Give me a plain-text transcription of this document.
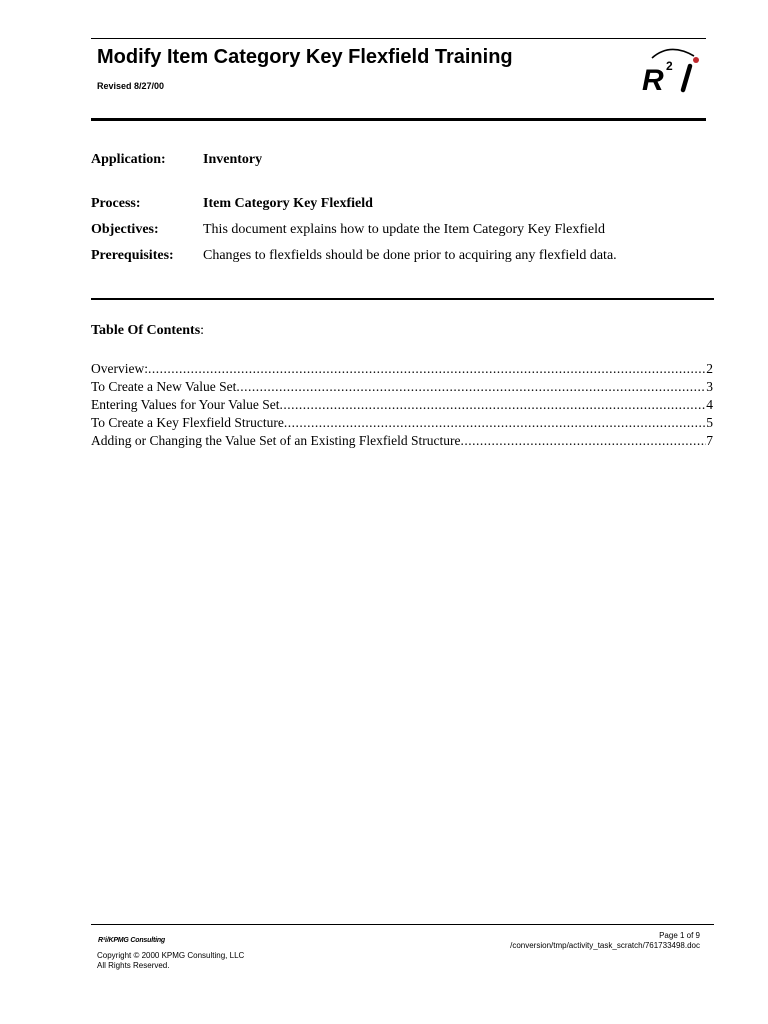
Modify Item Category Key Flexfield Training
Revised 8/27/00	R 2
Application:	Inventory
Process:	Item Category Key Flexfield
Objectives:	This document explains how to update the Item Category Key Flexfield
Prerequisites: Changes to flexfields should be done prior to acquiring any flexfield data.
Table Of Contents:
Overview: .....	2
To Create a New Value Set .....	3
Entering Values for Your Value Set .....	4
To Create a Key Flexfield Structure .....	5
Adding or Changing the Value Set of an Existing Flexfield Structure .....	7
R²i/KPMG Consulting
Copyright © 2000 KPMG Consulting, LLC
All Rights Reserved.
Page 1 of 9
/conversion/tmp/activity_task_scratch/761733498.doc
